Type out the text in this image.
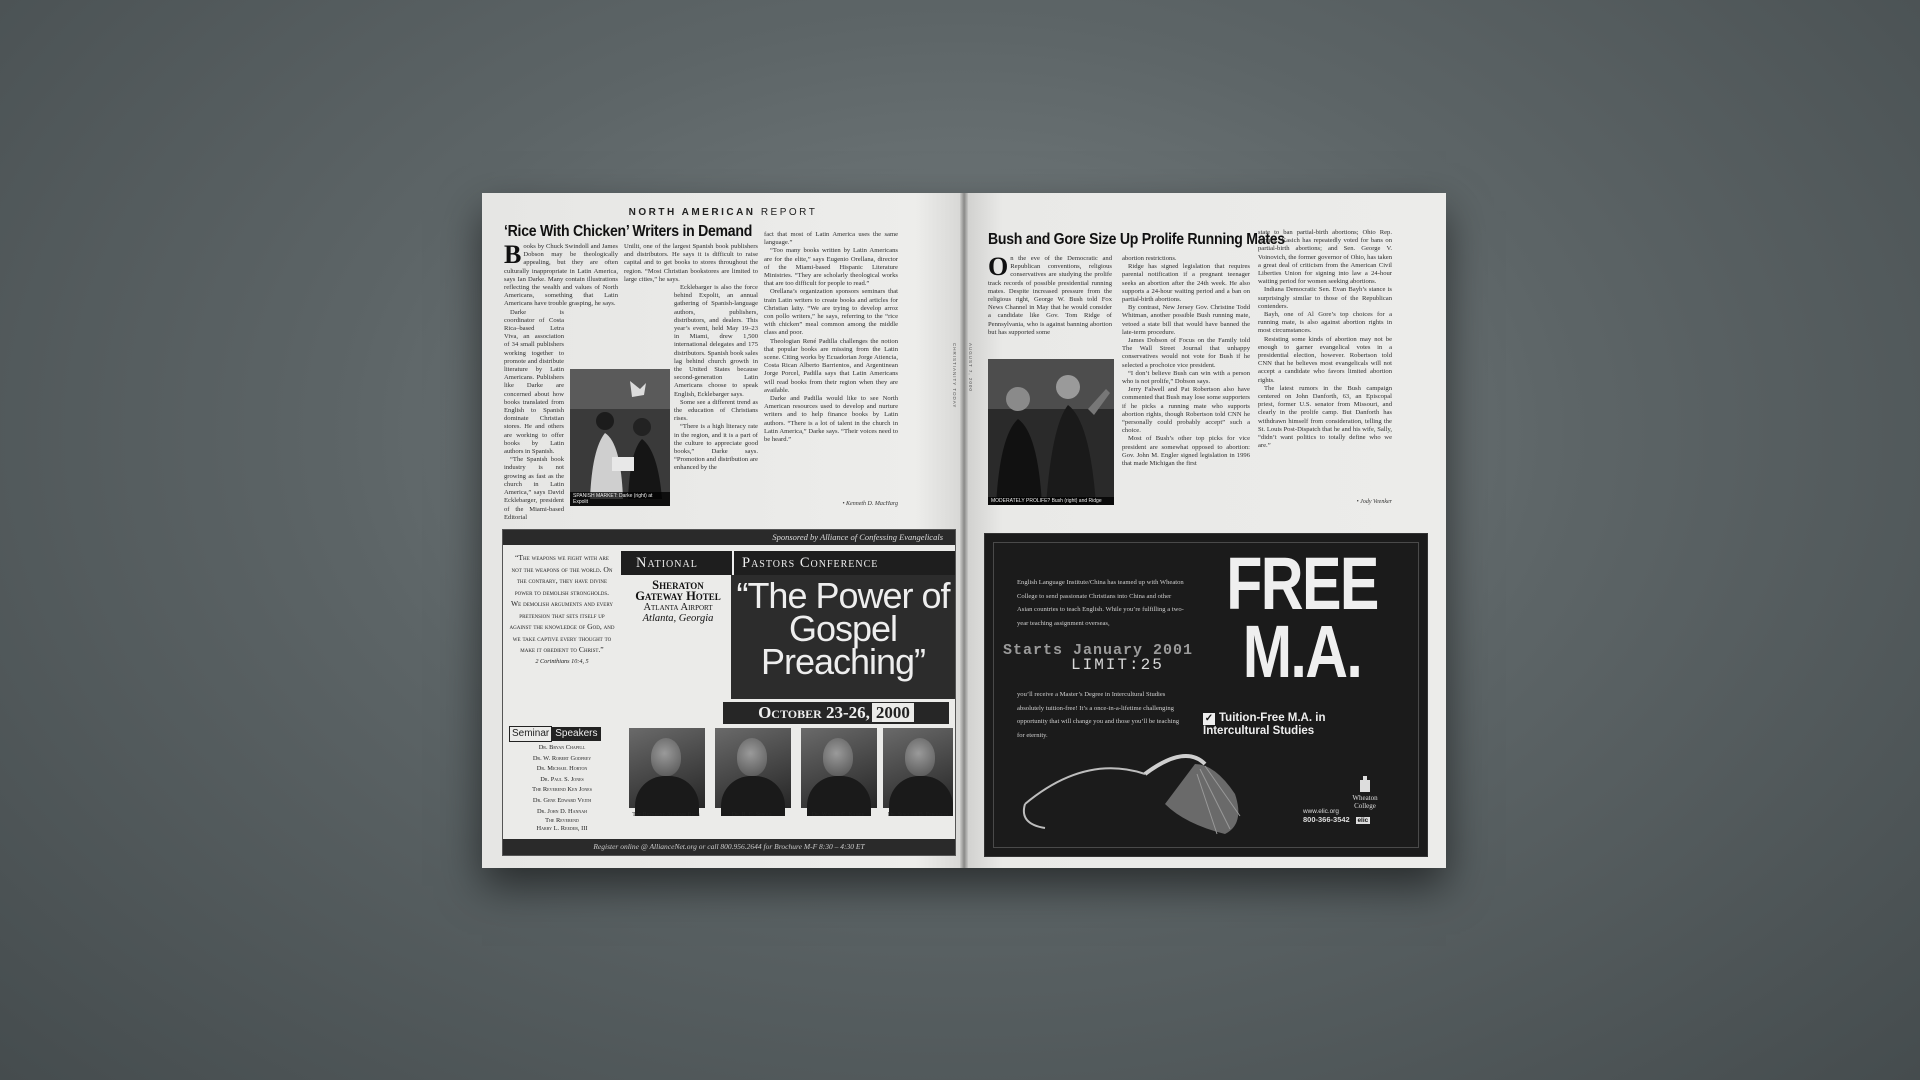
NORTH AMERICAN REPORT
‘Rice With Chicken’ Writers in Demand
Books by Chuck Swindoll and James Dobson may be theologically appealing, but they are often culturally inappropriate in Latin America, says Ian Darke. Many contain illustrations reflecting the wealth and values of North Americans, something that Latin Americans have trouble grasping, he says.

Darke is coordinator of Costa Rica–based Letra Viva, an association of 34 small publishers working together to promote and distribute literature by Latin Americans. Publishers like Darke are concerned about how books translated from English to Spanish dominate Christian stores. He and others are working to offer books by Latin authors in Spanish.

“The Spanish book industry is not growing as fast as the church in Latin America,” says David Ecklebarger, president of the Miami-based Editorial

SPANISH MARKET: Darke (right) at Expolit
Unilit, one of the largest Spanish book publishers and distributors. He says it is difficult to raise capital and to get books to stores throughout the region. “Most Christian bookstores are limited to large cities,” he says.

Ecklebarger is also the force behind Expolit, an annual gathering of Spanish-language authors, publishers, distributors, and dealers. This year’s event, held May 19–23 in Miami, drew 1,500 international delegates and 175 distributors. Spanish book sales lag behind church growth in the United States because second-generation Latin Americans choose to speak English, Ecklebarger says.

Some see a different trend as the education of Christians rises.

“There is a high literacy rate in the region, and it is a part of the culture to appreciate good books,” Darke says. “Promotion and distribution are enhanced by the

fact that most of Latin America uses the same language.”

“Too many books written by Latin Americans are for the elite,” says Eugenio Orellana, director of the Miami-based Hispanic Literature Ministries. “They are scholarly theological works that are too difficult for people to read.”

Orellana’s organization sponsors seminars that train Latin writers to create books and articles for Christian laity. “We are trying to develop arroz con pollo writers,” he says, referring to the “rice with chicken” meal common among the middle class and poor.

Theologian René Padilla challenges the notion that popular books are missing from the Latin scene. Citing works by Ecuadorian Jorge Atiencia, Costa Rican Alberto Barrientos, and Argentinean Jorge Porcel, Padilla says that Latin Americans will read books from their region when they are available.

Darke and Padilla would like to see North American resources used to develop and nurture writers and to help finance books by Latin authors. “There is a lot of talent in the church in Latin America,” Darke says. “Their voices need to be heard.”

• Kenneth D. MacHarg
CHRISTIANITY TODAY
Sponsored by Alliance of Confessing Evangelicals
“The weapons we fight with are not the weapons of the world. On the contrary, they have divine power to demolish strongholds. We demolish arguments and every pretension that sets itself up against the knowledge of God, and we take captive every thought to make it obedient to Christ.”
2 Corinthians 10:4, 5
Seminar Speakers
Dr. Bryan Chapell
Dr. W. Robert Godfrey
Dr. Michael Horton
Dr. Paul S. Jones
The Reverend Ken Jones
Dr. Gene Edward Veith
Dr. John D. Hannah
The Reverend
Harry L. Reeder, III
National	Pastors Conference
Sheraton
Gateway Hotel
Atlanta Airport
Atlanta, Georgia
“The Power of Gospel Preaching”
October 23-26, 2000
The Reverend Alistair Begg	Dr. R. C. Sproul	Dr. Walter C. Kaiser	Dr. Sinclair B. Ferguson
Register online @ AllianceNet.org or call 800.956.2644 for Brochure M-F 8:30 – 4:30 ET
Bush and Gore Size Up Prolife Running Mates
On the eve of the Democratic and Republican conventions, religious conservatives are studying the prolife track records of possible presidential running mates. Despite increased pressure from the religious right, George W. Bush told Fox News Channel in May that he would consider a candidate like Gov. Tom Ridge of Pennsylvania, who is against banning abortion but has supported some
MODERATELY PROLIFE? Bush (right) and Ridge
abortion restrictions.

Ridge has signed legislation that requires parental notification if a pregnant teenager seeks an abortion after the 24th week. He also supports a 24-hour waiting period and a ban on partial-birth abortions.

By contrast, New Jersey Gov. Christine Todd Whitman, another possible Bush running mate, vetoed a state bill that would have banned the late-term procedure.

James Dobson of Focus on the Family told The Wall Street Journal that unhappy conservatives would not vote for Bush if he selected a prochoice vice president.

“I don’t believe Bush can win with a person who is not prolife,” Dobson says.

Jerry Falwell and Pat Robertson also have commented that Bush may lose some supporters if he picks a running mate who supports abortion rights, though Robertson told CNN he “personally could probably accept” such a choice.

Most of Bush’s other top picks for vice president are somewhat opposed to abortion: Gov. John M. Engler signed legislation in 1996 that made Michigan the first

state to ban partial-birth abortions; Ohio Rep. John R. Kasich has repeatedly voted for bans on partial-birth abortions; and Sen. George V. Voinovich, the former governor of Ohio, has taken a great deal of criticism from the American Civil Liberties Union for signing into law a 24-hour waiting period for women seeking abortions.

Indiana Democratic Sen. Evan Bayh’s stance is surprisingly similar to those of the Republican contenders.

Bayh, one of Al Gore’s top choices for a running mate, is also against abortion rights in most circumstances.

Resisting some kinds of abortion may not be enough to garner evangelical votes in a presidential election, however. Robertson told CNN that he believes most evangelicals will not accept a candidate who favors limited abortion rights.

The latest rumors in the Bush campaign centered on John Danforth, 63, an Episcopal priest, former U.S. senator from Missouri, and clearly in the prolife camp. But Danforth has withdrawn himself from consideration, telling the St. Louis Post-Dispatch that he and his wife, Sally, “didn’t want politics to totally define who we are.”

• Jody Veenker
AUGUST 7, 2000
English Language Institute/China has teamed up with Wheaton College to send passionate Christians into China and other Asian countries to teach English. While you’re fulfilling a two-year teaching assignment overseas,
Starts January 2001
LIMIT:25
you’ll receive a Master’s Degree in Intercultural Studies absolutely tuition-free! It’s a once-in-a-lifetime challenging opportunity that will change you and those you’ll be teaching for eternity.
FREE
M.A.
✓ Tuition-Free M.A. in Intercultural Studies
Wheaton
College
www.elic.org
800-366-3542 elic
